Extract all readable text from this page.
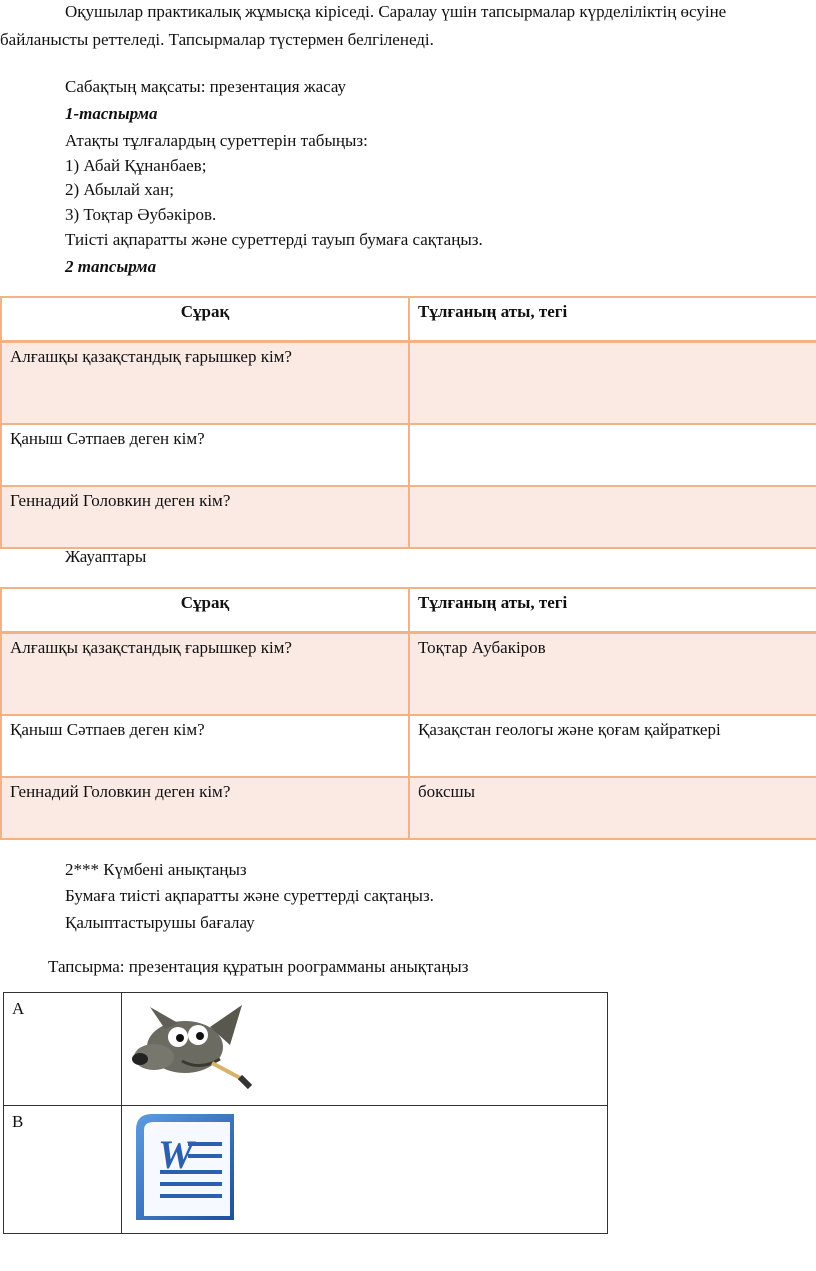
Оқушылар практикалық жұмысқа кіріседі. Саралау үшін тапсырмалар күрделіліктің өсуіне
байланысты реттеледі. Тапсырмалар түстермен белгіленеді.
Сабақтың мақсаты: презентация жасау
1-таспырма
Атақты тұлғалардың суреттерін табыңыз:
1) Абай Құнанбаев;
2) Абылай хан;
3) Тоқтар Әубәкіров.
Тиісті ақпаратты және суреттерді тауып бумаға сақтаңыз.
2 тапсырма
Сұрақ	Тұлғаның аты, тегі
Алғашқы қазақстандық ғарышкер кім?	
Қаныш Сәтпаев деген кім?	
Геннадий Головкин деген кім?	
Жауаптары
Сұрақ	Тұлғаның аты, тегі
Алғашқы қазақстандық ғарышкер кім?	Тоқтар Аубакіров
Қаныш Сәтпаев деген кім?	Қазақстан геологы және қоғам қайраткері
Геннадий Головкин деген кім?	боксшы
2*** Күмбені анықтаңыз
Бумаға тиісті ақпаратты және суреттерді сақтаңыз.
Қалыптастырушы бағалау
Тапсырма: презентация құратын роограмманы анықтаңыз
A	
B	W
